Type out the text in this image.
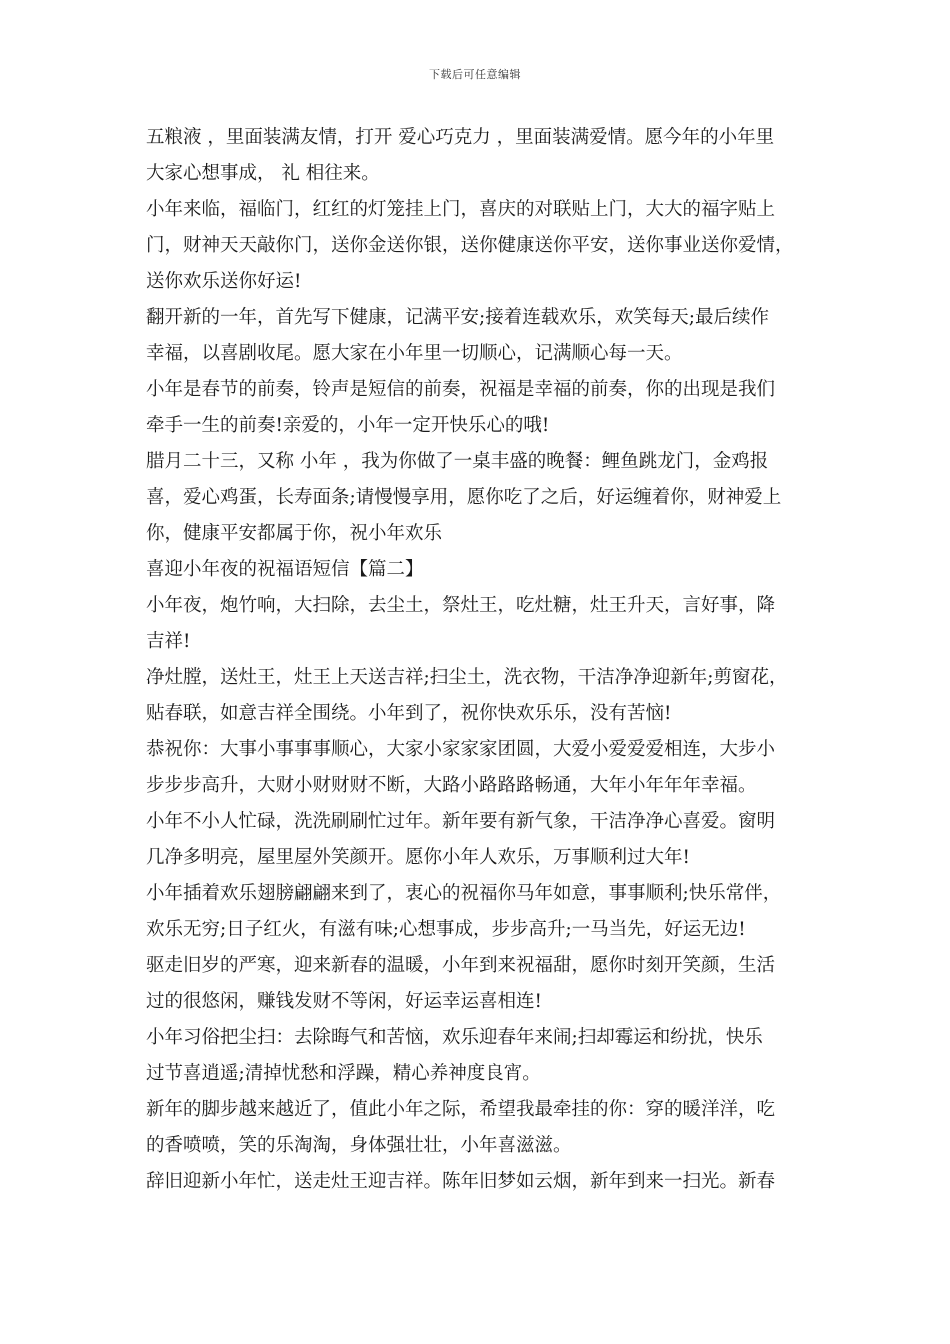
下载后可任意编辑
五粮液 ，里面装满友情，打开 爱心巧克力 ，里面装满爱情。愿今年的小年里
大家心想事成， 礼 相往来。
小年来临，福临门，红红的灯笼挂上门，喜庆的对联贴上门，大大的福字贴上
门，财神天天敲你门，送你金送你银，送你健康送你平安，送你事业送你爱情，
送你欢乐送你好运!
翻开新的一年，首先写下健康，记满平安;接着连载欢乐，欢笑每天;最后续作
幸福，以喜剧收尾。愿大家在小年里一切顺心，记满顺心每一天。
小年是春节的前奏，铃声是短信的前奏，祝福是幸福的前奏，你的出现是我们
牵手一生的前奏!亲爱的，小年一定开快乐心的哦!
腊月二十三，又称 小年 ，我为你做了一桌丰盛的晚餐：鲤鱼跳龙门，金鸡报
喜，爱心鸡蛋，长寿面条;请慢慢享用，愿你吃了之后，好运缠着你，财神爱上
你，健康平安都属于你，祝小年欢乐
喜迎小年夜的祝福语短信【篇二】
小年夜，炮竹响，大扫除，去尘土，祭灶王，吃灶糖，灶王升天，言好事，降
吉祥!
净灶膛，送灶王，灶王上天送吉祥;扫尘土，洗衣物，干洁净净迎新年;剪窗花，
贴春联，如意吉祥全围绕。小年到了，祝你快欢乐乐，没有苦恼!
恭祝你：大事小事事事顺心，大家小家家家团圆，大爱小爱爱爱相连，大步小
步步步高升，大财小财财财不断，大路小路路路畅通，大年小年年年幸福。
小年不小人忙碌，洗洗刷刷忙过年。新年要有新气象，干洁净净心喜爱。窗明
几净多明亮，屋里屋外笑颜开。愿你小年人欢乐，万事顺利过大年!
小年插着欢乐翅膀翩翩来到了，衷心的祝福你马年如意，事事顺利;快乐常伴，
欢乐无穷;日子红火，有滋有味;心想事成，步步高升;一马当先，好运无边!
驱走旧岁的严寒，迎来新春的温暖，小年到来祝福甜，愿你时刻开笑颜，生活
过的很悠闲，赚钱发财不等闲，好运幸运喜相连!
小年习俗把尘扫：去除晦气和苦恼，欢乐迎春年来闹;扫却霉运和纷扰，快乐
过节喜逍遥;清掉忧愁和浮躁，精心养神度良宵。
新年的脚步越来越近了，值此小年之际，希望我最牵挂的你：穿的暖洋洋，吃
的香喷喷，笑的乐淘淘，身体强壮壮，小年喜滋滋。
辞旧迎新小年忙，送走灶王迎吉祥。陈年旧梦如云烟，新年到来一扫光。新春
